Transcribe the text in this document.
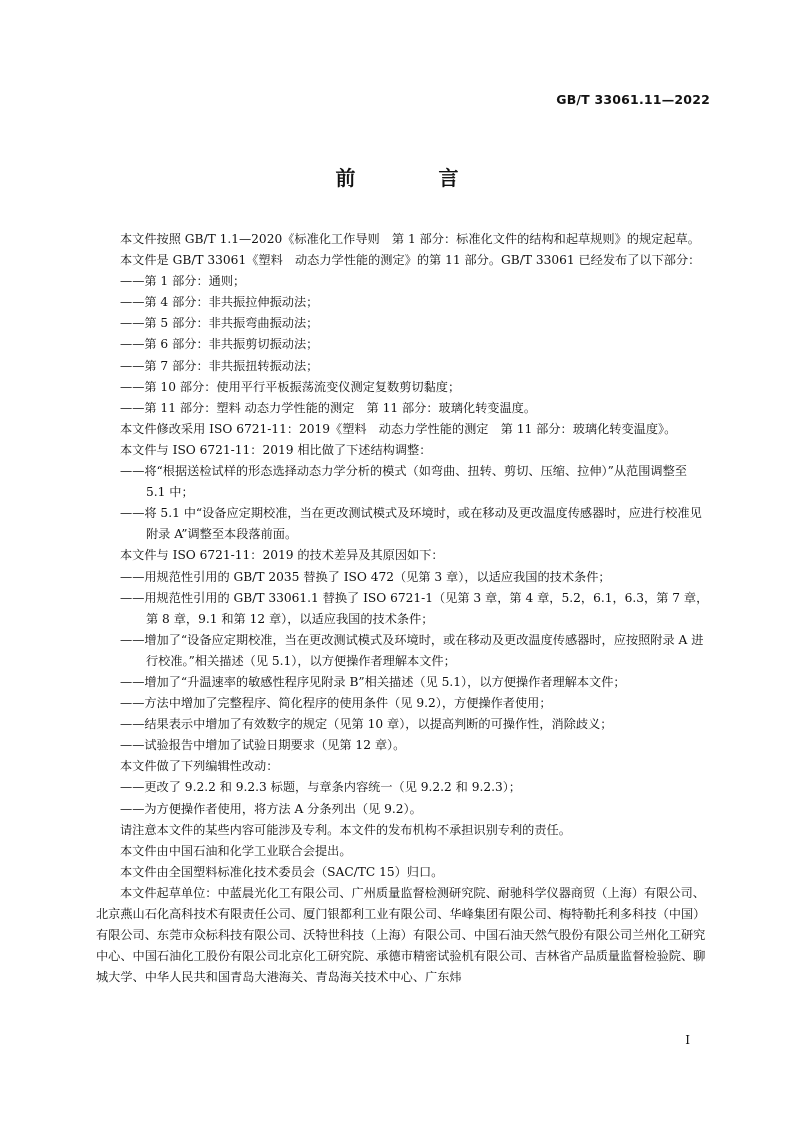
GB/T 33061.11—2022
前 言

本文件按照 GB/T 1.1—2020《标准化工作导则　第 1 部分：标准化文件的结构和起草规则》的规定起草。

本文件是 GB/T 33061《塑料　动态力学性能的测定》的第 11 部分。GB/T 33061 已经发布了以下部分：

——第 1 部分：通则；

——第 4 部分：非共振拉伸振动法；

——第 5 部分：非共振弯曲振动法；

——第 6 部分：非共振剪切振动法；

——第 7 部分：非共振扭转振动法；

——第 10 部分：使用平行平板振荡流变仪测定复数剪切黏度；

——第 11 部分：塑料 动态力学性能的测定　第 11 部分：玻璃化转变温度。

本文件修改采用 ISO 6721-11：2019《塑料　动态力学性能的测定　第 11 部分：玻璃化转变温度》。

本文件与 ISO 6721-11：2019 相比做了下述结构调整：

——将“根据送检试样的形态选择动态力学分析的模式（如弯曲、扭转、剪切、压缩、拉伸）”从范围调整至 5.1 中；

——将 5.1 中“设备应定期校准，当在更改测试模式及环境时，或在移动及更改温度传感器时，应进行校准见附录 A”调整至本段落前面。

本文件与 ISO 6721-11：2019 的技术差异及其原因如下：

——用规范性引用的 GB/T 2035 替换了 ISO 472（见第 3 章），以适应我国的技术条件；

——用规范性引用的 GB/T 33061.1 替换了 ISO 6721-1（见第 3 章，第 4 章，5.2，6.1，6.3，第 7 章，第 8 章，9.1 和第 12 章），以适应我国的技术条件；

——增加了“设备应定期校准，当在更改测试模式及环境时，或在移动及更改温度传感器时，应按照附录 A 进行校准。”相关描述（见 5.1），以方便操作者理解本文件；

——增加了“升温速率的敏感性程序见附录 B”相关描述（见 5.1），以方便操作者理解本文件；

——方法中增加了完整程序、简化程序的使用条件（见 9.2），方便操作者使用；

——结果表示中增加了有效数字的规定（见第 10 章），以提高判断的可操作性，消除歧义；

——试验报告中增加了试验日期要求（见第 12 章）。

本文件做了下列编辑性改动：

——更改了 9.2.2 和 9.2.3 标题，与章条内容统一（见 9.2.2 和 9.2.3）；

——为方便操作者使用，将方法 A 分条列出（见 9.2）。

请注意本文件的某些内容可能涉及专利。本文件的发布机构不承担识别专利的责任。

本文件由中国石油和化学工业联合会提出。

本文件由全国塑料标准化技术委员会（SAC/TC 15）归口。

本文件起草单位：中蓝晨光化工有限公司、广州质量监督检测研究院、耐驰科学仪器商贸（上海）有限公司、北京燕山石化高科技术有限责任公司、厦门银都利工业有限公司、华峰集团有限公司、梅特勒托利多科技（中国）有限公司、东莞市众标科技有限公司、沃特世科技（上海）有限公司、中国石油天然气股份有限公司兰州化工研究中心、中国石油化工股份有限公司北京化工研究院、承德市精密试验机有限公司、吉林省产品质量监督检验院、聊城大学、中华人民共和国青岛大港海关、青岛海关技术中心、广东炜

I
